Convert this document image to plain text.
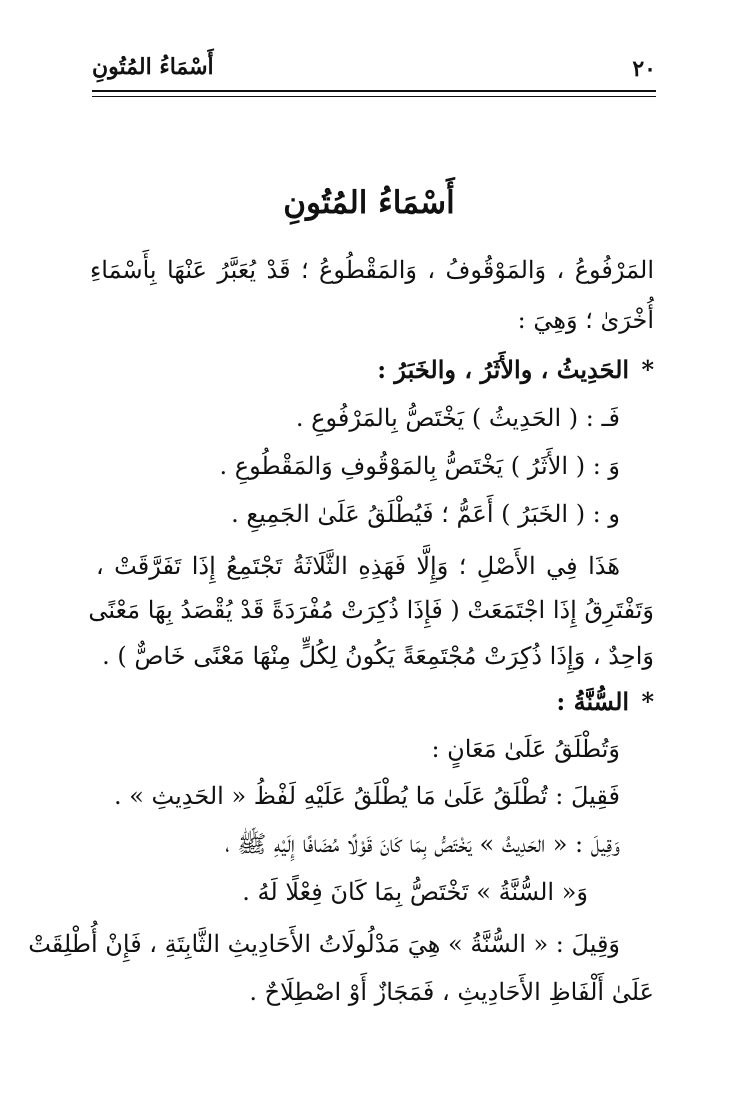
٢٠
أَسْمَاءُ المُتُونِ
أَسْمَاءُ المُتُونِ
المَرْفُوعُ ، وَالمَوْقُوفُ ، وَالمَقْطُوعُ ؛ قَدْ يُعَبَّرُ عَنْهَا بِأَسْمَاءِ
أُخْرَىٰ ؛ وَهِيَ :
* الحَدِيثُ ، والأَثَرُ ، والخَبَرُ :
فَـ : ( الحَدِيثُ ) يَخْتَصُّ بِالمَرْفُوعِ .
وَ : ( الأَثَرُ ) يَخْتَصُّ بِالمَوْقُوفِ وَالمَقْطُوعِ .
و : ( الخَبَرُ ) أَعَمُّ ؛ فَيُطْلَقُ عَلَىٰ الجَمِيعِ .
هَذَا فِي الأَصْلِ ؛ وَإِلَّا فَهَذِهِ الثَّلَاثَةُ تَجْتَمِعُ إِذَا تَفَرَّقَتْ ،
وَتَفْتَرِقُ إِذَا اجْتَمَعَتْ ( فَإِذَا ذُكِرَتْ مُفْرَدَةً قَدْ يُقْصَدُ بِهَا مَعْنًى
وَاحِدٌ ، وَإِذَا ذُكِرَتْ مُجْتَمِعَةً يَكُونُ لِكُلٍّ مِنْهَا مَعْنًى خَاصٌّ ) .
* السُّنَّةُ :
وَتُطْلَقُ عَلَىٰ مَعَانٍ :
فَقِيلَ : تُطْلَقُ عَلَىٰ مَا يُطْلَقُ عَلَيْهِ لَفْظُ « الحَدِيثِ » .
وَقِيلَ : « الحَدِيثُ » يَخْتَصُّ بِمَا كَانَ قَوْلًا مُضَافًا إِلَيْهِ ﷺ ،
وَ« السُّنَّةُ » تَخْتَصُّ بِمَا كَانَ فِعْلًا لَهُ .
وَقِيلَ : « السُّنَّةُ » هِيَ مَدْلُولَاتُ الأَحَادِيثِ الثَّابِتَةِ ، فَإِنْ أُطْلِقَتْ
عَلَىٰ أَلْفَاظِ الأَحَادِيثِ ، فَمَجَازٌ أَوْ اصْطِلَاحٌ .
